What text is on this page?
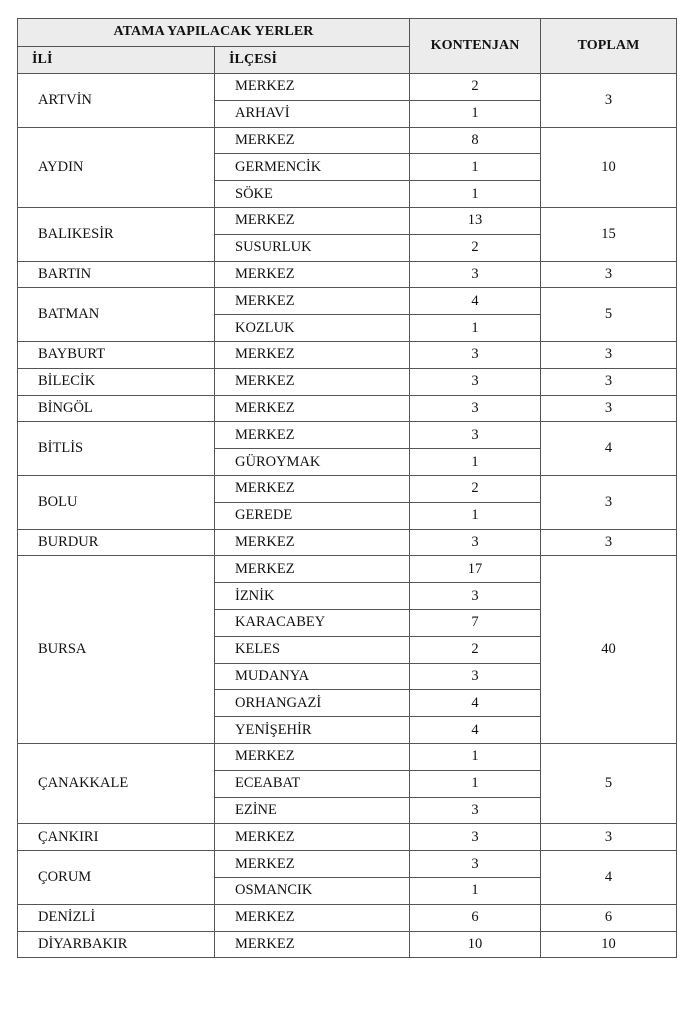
ATAMA YAPILACAK YERLER		KONTENJAN	TOPLAM
İLİ	İLÇESİ		
ARTVİN	MERKEZ	2	3
	ARHAVİ	1	
AYDIN	MERKEZ	8	10
	GERMENCİK	1	
	SÖKE	1	
BALIKESİR	MERKEZ	13	15
	SUSURLUK	2	
BARTIN	MERKEZ	3	3
BATMAN	MERKEZ	4	5
	KOZLUK	1	
BAYBURT	MERKEZ	3	3
BİLECİK	MERKEZ	3	3
BİNGÖL	MERKEZ	3	3
BİTLİS	MERKEZ	3	4
	GÜROYMAK	1	
BOLU	MERKEZ	2	3
	GEREDE	1	
BURDUR	MERKEZ	3	3
BURSA	MERKEZ	17	40
	İZNİK	3	
	KARACABEY	7	
	KELES	2	
	MUDANYA	3	
	ORHANGAZİ	4	
	YENİŞEHİR	4	
ÇANAKKALE	MERKEZ	1	5
	ECEABAT	1	
	EZİNE	3	
ÇANKIRI	MERKEZ	3	3
ÇORUM	MERKEZ	3	4
	OSMANCIK	1	
DENİZLİ	MERKEZ	6	6
DİYARBAKIR	MERKEZ	10	10
